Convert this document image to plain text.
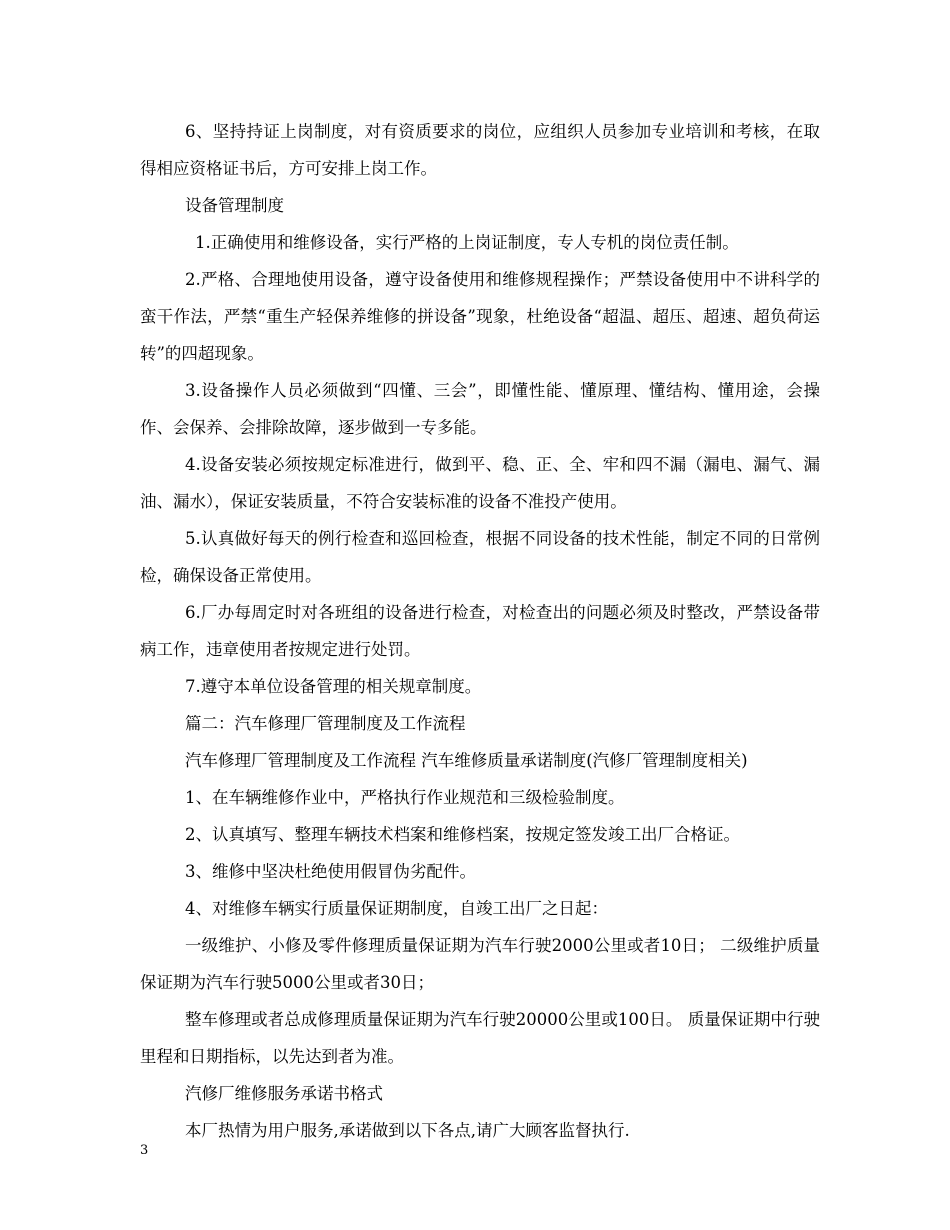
6、坚持持证上岗制度，对有资质要求的岗位，应组织人员参加专业培训和考核，在取得相应资格证书后，方可安排上岗工作。

设备管理制度

1.正确使用和维修设备，实行严格的上岗证制度，专人专机的岗位责任制。

2.严格、合理地使用设备，遵守设备使用和维修规程操作；严禁设备使用中不讲科学的蛮干作法，严禁“重生产轻保养维修的拼设备”现象，杜绝设备“超温、超压、超速、超负荷运转”的四超现象。

3.设备操作人员必须做到“四懂、三会”，即懂性能、懂原理、懂结构、懂用途，会操作、会保养、会排除故障，逐步做到一专多能。

4.设备安装必须按规定标准进行，做到平、稳、正、全、牢和四不漏（漏电、漏气、漏油、漏水），保证安装质量，不符合安装标准的设备不准投产使用。

5.认真做好每天的例行检查和巡回检查，根据不同设备的技术性能，制定不同的日常例检，确保设备正常使用。

6.厂办每周定时对各班组的设备进行检查，对检查出的问题必须及时整改，严禁设备带病工作，违章使用者按规定进行处罚。

7.遵守本单位设备管理的相关规章制度。

篇二：汽车修理厂管理制度及工作流程

汽车修理厂管理制度及工作流程 汽车维修质量承诺制度(汽修厂管理制度相关)

1、在车辆维修作业中，严格执行作业规范和三级检验制度。

2、认真填写、整理车辆技术档案和维修档案，按规定签发竣工出厂合格证。

3、维修中坚决杜绝使用假冒伪劣配件。

4、对维修车辆实行质量保证期制度，自竣工出厂之日起：

一级维护、小修及零件修理质量保证期为汽车行驶2000公里或者10日； 二级维护质量保证期为汽车行驶5000公里或者30日；

整车修理或者总成修理质量保证期为汽车行驶20000公里或100日。 质量保证期中行驶里程和日期指标，以先达到者为准。

汽修厂维修服务承诺书格式

本厂热情为用户服务,承诺做到以下各点,请广大顾客监督执行.

3
